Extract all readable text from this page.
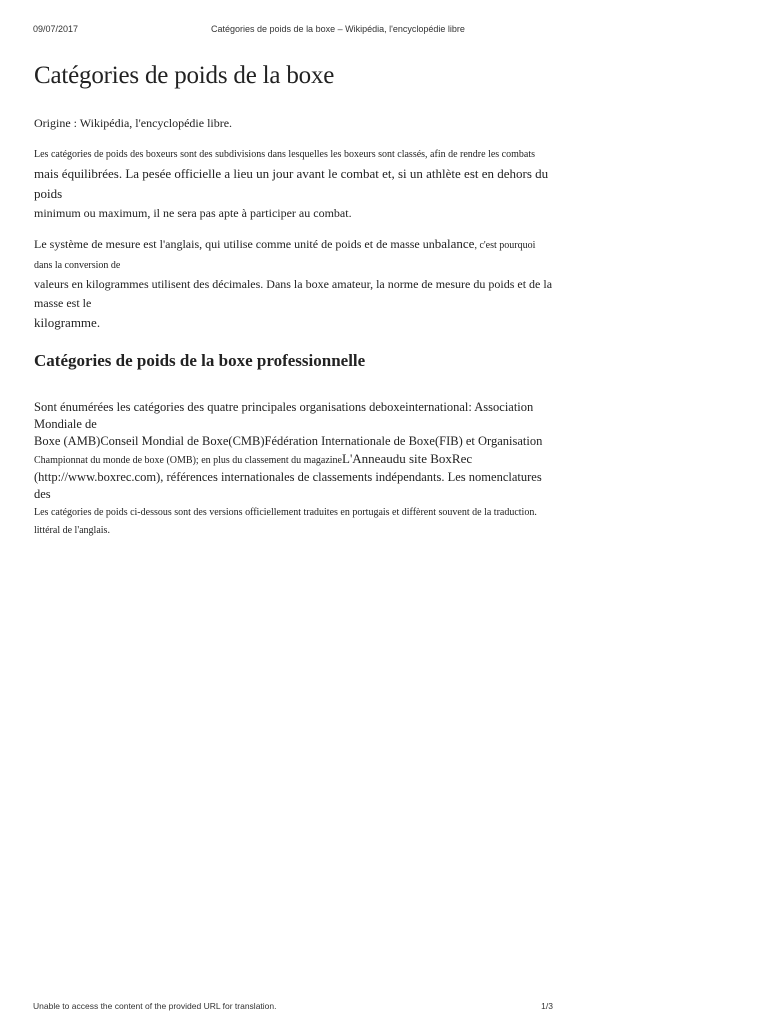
09/07/2017	Catégories de poids de la boxe – Wikipédia, l'encyclopédie libre
Catégories de poids de la boxe
Origine : Wikipédia, l'encyclopédie libre.

Les catégories de poids des boxeurs sont des subdivisions dans lesquelles les boxeurs sont classés, afin de rendre les combats
mais équilibrées. La pesée officielle a lieu un jour avant le combat et, si un athlète est en dehors du poids
minimum ou maximum, il ne sera pas apte à participer au combat.

Le système de mesure est l'anglais, qui utilise comme unité de poids et de masse unbalance, c'est pourquoi dans la conversion de
valeurs en kilogrammes utilisent des décimales. Dans la boxe amateur, la norme de mesure du poids et de la masse est le
kilogramme.

Catégories de poids de la boxe professionnelle

Sont énumérées les catégories des quatre principales organisations deboxeinternational: Association Mondiale de
Boxe (AMB)Conseil Mondial de Boxe(CMB)Fédération Internationale de Boxe(FIB) et Organisation
Championnat du monde de boxe (OMB); en plus du classement du magazineL'Anneaudu site BoxRec
(http://www.boxrec.com), références internationales de classements indépendants. Les nomenclatures des
Les catégories de poids ci-dessous sont des versions officiellement traduites en portugais et diffèrent souvent de la traduction.
littéral de l'anglais.

Unable to access the content of the provided URL for translation.	1/3
